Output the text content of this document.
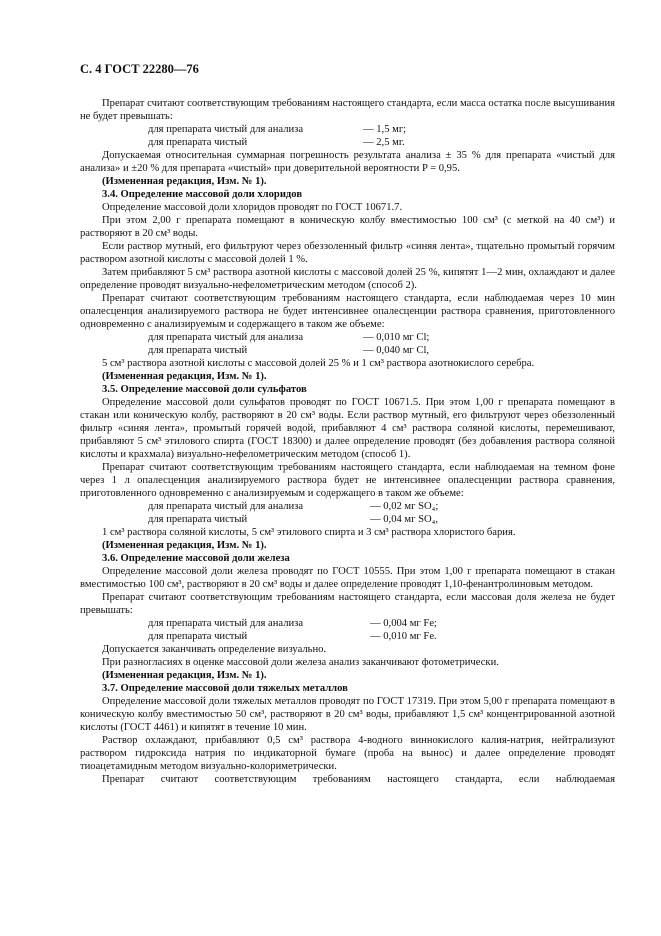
С. 4 ГОСТ 22280—76

Препарат считают соответствующим требованиям настоящего стандарта, если масса остатка после высушивания не будет превышать:

для препарата чистый для анализа	— 1,5 мг;
для препарата чистый	— 2,5 мг.

Допускаемая относительная суммарная погрешность результата анализа ± 35 % для препарата «чистый для анализа» и ±20 % для препарата «чистый» при доверительной вероятности P = 0,95.

(Измененная редакция, Изм. № 1).
3.4. Определение массовой доли хлоридов

Определение массовой доли хлоридов проводят по ГОСТ 10671.7.

При этом 2,00 г препарата помещают в коническую колбу вместимостью 100 см³ (с меткой на 40 см³) и растворяют в 20 см³ воды.

Если раствор мутный, его фильтруют через обеззоленный фильтр «синяя лента», тщательно промытый горячим раствором азотной кислоты с массовой долей 1 %.

Затем прибавляют 5 см³ раствора азотной кислоты с массовой долей 25 %, кипятят 1—2 мин, охлаждают и далее определение проводят визуально-нефелометрическим методом (способ 2).

Препарат считают соответствующим требованиям настоящего стандарта, если наблюдаемая через 10 мин опалесценция анализируемого раствора не будет интенсивнее опалесценции раствора сравнения, приготовленного одновременно с анализируемым и содержащего в таком же объеме:

для препарата чистый для анализа	— 0,010 мг Cl;
для препарата чистый	— 0,040 мг Cl,

5 см³ раствора азотной кислоты с массовой долей 25 % и 1 см³ раствора азотнокислого серебра.

(Измененная редакция, Изм. № 1).
3.5. Определение массовой доли сульфатов

Определение массовой доли сульфатов проводят по ГОСТ 10671.5. При этом 1,00 г препарата помещают в стакан или коническую колбу, растворяют в 20 см³ воды. Если раствор мутный, его фильтруют через обеззоленный фильтр «синяя лента», промытый горячей водой, прибавляют 4 см³ раствора соляной кислоты, перемешивают, прибавляют 5 см³ этилового спирта (ГОСТ 18300) и далее определение проводят (без добавления раствора соляной кислоты и крахмала) визуально-нефелометрическим методом (способ 1).

Препарат считают соответствующим требованиям настоящего стандарта, если наблюдаемая на темном фоне через 1 л опалесценция анализируемого раствора будет не интенсивнее опалесценции раствора сравнения, приготовленного одновременно с анализируемым и содержащего в таком же объеме:

для препарата чистый для анализа	— 0,02 мг SO₄;
для препарата чистый	— 0,04 мг SO₄,

1 см³ раствора соляной кислоты, 5 см³ этилового спирта и 3 см³ раствора хлористого бария.

(Измененная редакция, Изм. № 1).
3.6. Определение массовой доли железа

Определение массовой доли железа проводят по ГОСТ 10555. При этом 1,00 г препарата помещают в стакан вместимостью 100 см³, растворяют в 20 см³ воды и далее определение проводят 1,10-фенантролиновым методом.

Препарат считают соответствующим требованиям настоящего стандарта, если массовая доля железа не будет превышать:

для препарата чистый для анализа	— 0,004 мг Fe;
для препарата чистый	— 0,010 мг Fe.

Допускается заканчивать определение визуально.

При разногласиях в оценке массовой доли железа анализ заканчивают фотометрически.

(Измененная редакция, Изм. № 1).
3.7. Определение массовой доли тяжелых металлов

Определение массовой доли тяжелых металлов проводят по ГОСТ 17319. При этом 5,00 г препарата помещают в коническую колбу вместимостью 50 см³, растворяют в 20 см³ воды, прибавляют 1,5 см³ концентрированной азотной кислоты (ГОСТ 4461) и кипятят в течение 10 мин.

Раствор охлаждают, прибавляют 0,5 см³ раствора 4-водного виннокислого калия-натрия, нейтрализуют раствором гидроксида натрия по индикаторной бумаге (проба на вынос) и далее определение проводят тиоацетамидным методом визуально-колориметрически.

Препарат считают соответствующим требованиям настоящего стандарта, если наблюдаемая
